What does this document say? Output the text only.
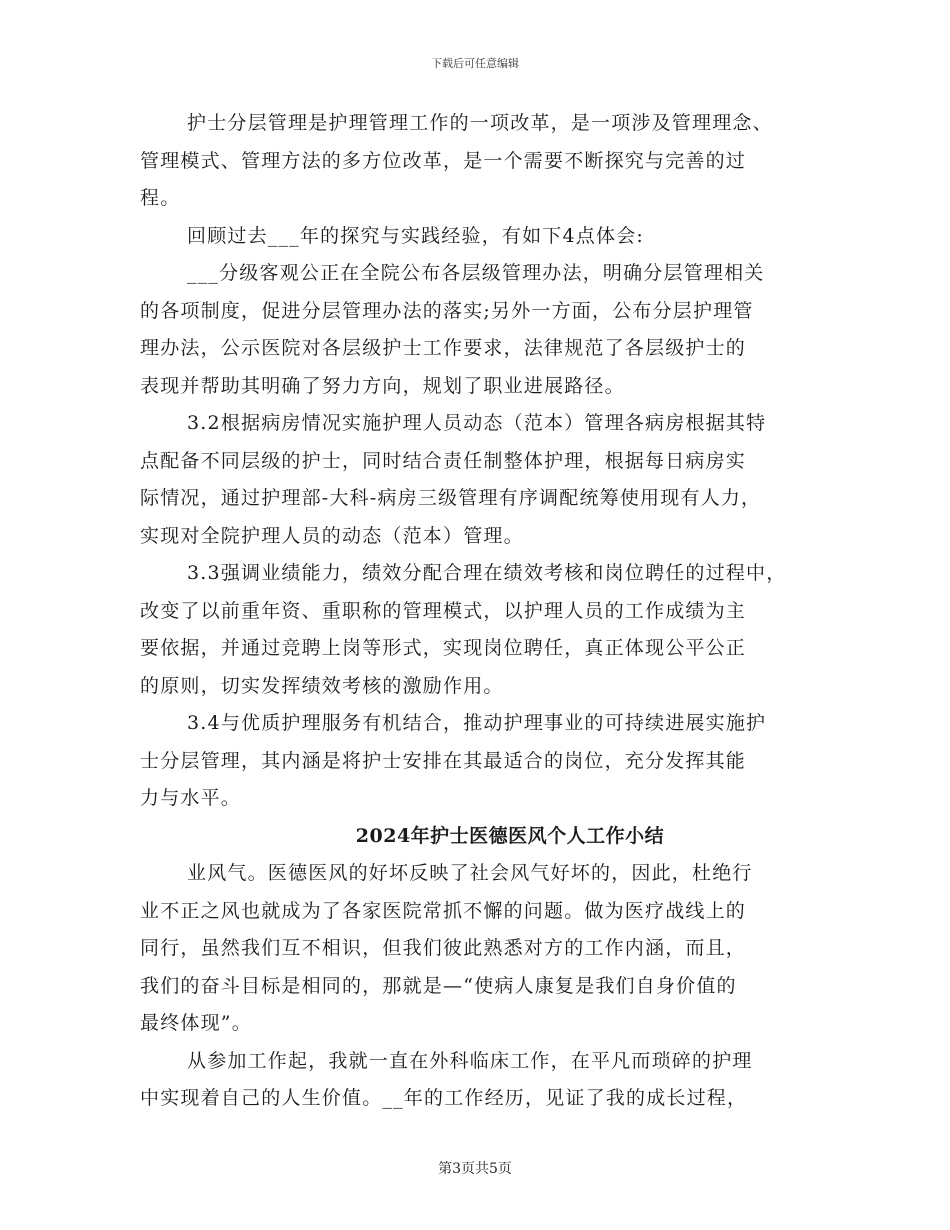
下载后可任意编辑

护士分层管理是护理管理工作的一项改革，是一项涉及管理理念、
管理模式、管理方法的多方位改革，是一个需要不断探究与完善的过
程。

回顾过去___年的探究与实践经验，有如下4点体会:

___分级客观公正在全院公布各层级管理办法，明确分层管理相关
的各项制度，促进分层管理办法的落实;另外一方面，公布分层护理管
理办法，公示医院对各层级护士工作要求，法律规范了各层级护士的
表现并帮助其明确了努力方向，规划了职业进展路径。

3.2根据病房情况实施护理人员动态（范本）管理各病房根据其特
点配备不同层级的护士，同时结合责任制整体护理，根据每日病房实
际情况，通过护理部-大科-病房三级管理有序调配统筹使用现有人力，
实现对全院护理人员的动态（范本）管理。

3.3强调业绩能力，绩效分配合理在绩效考核和岗位聘任的过程中，
改变了以前重年资、重职称的管理模式，以护理人员的工作成绩为主
要依据，并通过竞聘上岗等形式，实现岗位聘任，真正体现公平公正
的原则，切实发挥绩效考核的激励作用。

3.4与优质护理服务有机结合，推动护理事业的可持续进展实施护
士分层管理，其内涵是将护士安排在其最适合的岗位，充分发挥其能
力与水平。

2024年护士医德医风个人工作小结

业风气。医德医风的好坏反映了社会风气好坏的，因此，杜绝行
业不正之风也就成为了各家医院常抓不懈的问题。做为医疗战线上的
同行，虽然我们互不相识，但我们彼此熟悉对方的工作内涵，而且，
我们的奋斗目标是相同的，那就是—“使病人康复是我们自身价值的
最终体现”。

从参加工作起，我就一直在外科临床工作，在平凡而琐碎的护理
中实现着自己的人生价值。__年的工作经历，见证了我的成长过程，

第3页共5页
